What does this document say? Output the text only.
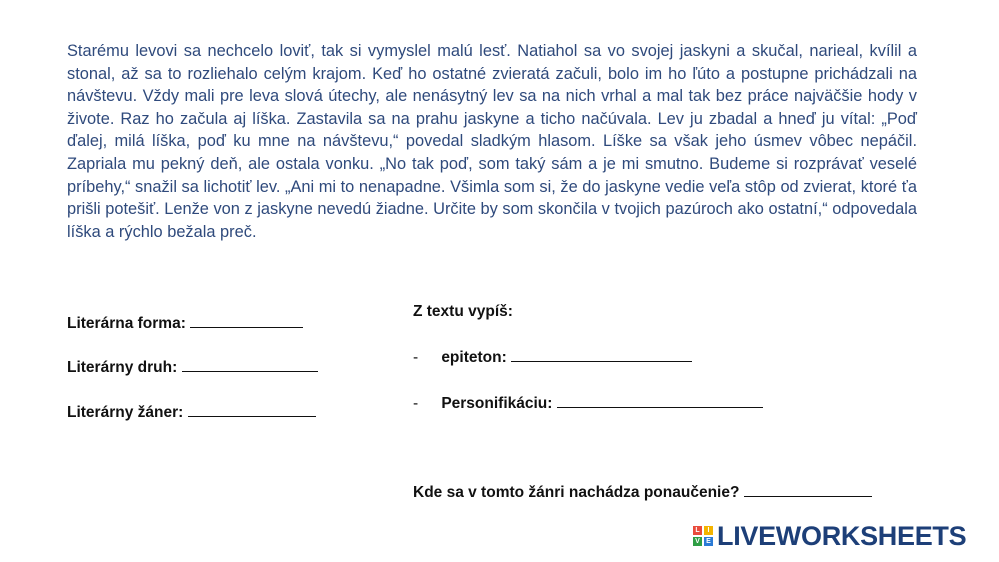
Starému levovi sa nechcelo loviť, tak si vymyslel malú lesť. Natiahol sa vo svojej jaskyni a skučal, narieal, kvílil a stonal, až sa to rozliehalo celým krajom. Keď ho ostatné zvieratá začuli, bolo im ho ľúto a postupne prichádzali na návštevu. Vždy mali pre leva slová útechy, ale nenásytný lev sa na nich vrhal a mal tak bez práce najväčšie hody v živote. Raz ho začula aj líška. Zastavila sa na prahu jaskyne a ticho načúvala. Lev ju zbadal a hneď ju vítal: „Poď ďalej, milá líška, poď ku mne na návštevu,“ povedal sladkým hlasom. Líške sa však jeho úsmev vôbec nepáčil. Zapriala mu pekný deň, ale ostala vonku. „No tak poď, som taký sám a je mi smutno. Budeme si rozprávať veselé príbehy,“ snažil sa lichotiť lev. „Ani mi to nenapadne. Všimla som si, že do jaskyne vedie veľa stôp od zvierat, ktoré ťa prišli potešiť. Lenže von z jaskyne nevedú žiadne. Určite by som skončila v tvojich pazúroch ako ostatní,“ odpovedala líška a rýchlo bežala preč.

Literárna forma:
Literárny druh:
Literárny žáner:
Z textu vypíš:
- epiteton:
- Personifikáciu:
Kde sa v tomto žánri nachádza ponaučenie?
L	I
V E LIVEWORKSHEETS
